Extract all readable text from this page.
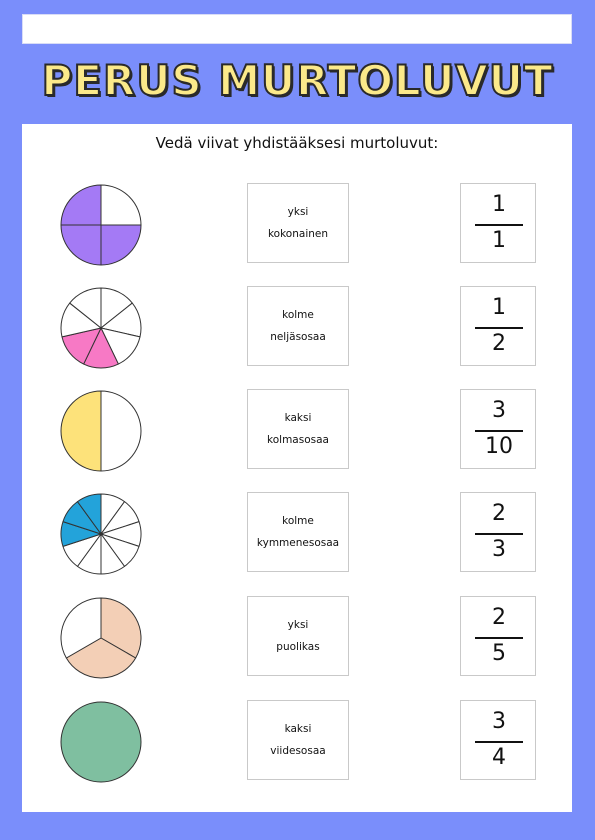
PERUS MURTOLUVUT
Vedä viivat yhdistääksesi murtoluvut:
yksi
kokonainen
1
1
kolme
neljäsosaa
1
2
kaksi
kolmasosaa
3
10
kolme
kymmenesosaa
2
3
yksi
puolikas
2
5
kaksi
viidesosaa
3
4
